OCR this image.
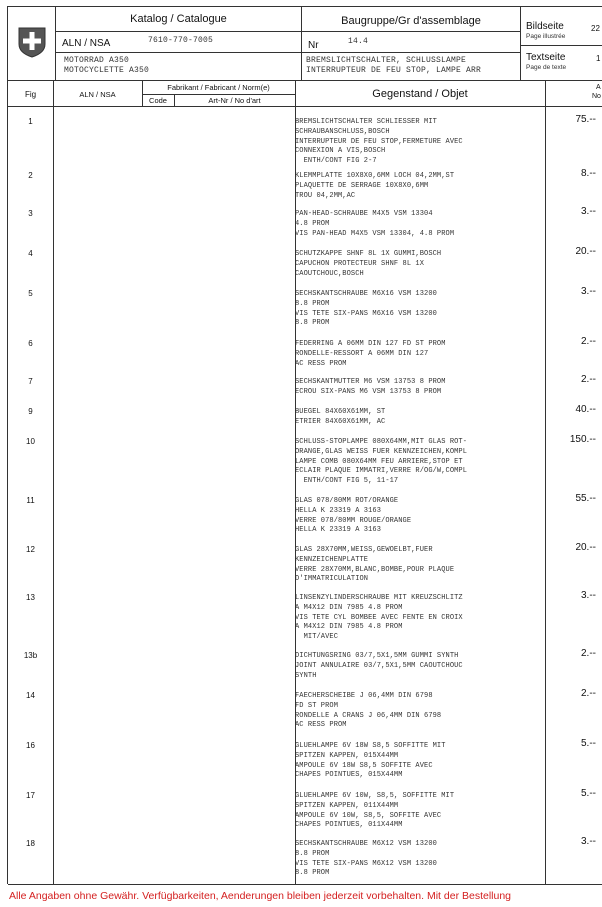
Katalog / Catalogue
ALN / NSA	7610-770-7005
MOTORRAD A350
MOTOCYCLETTE A350
Baugruppe/Gr d'assemblage
Nr	14.4
BREMSLICHTSCHALTER, SCHLUSSLAMPE
INTERRUPTEUR DE FEU STOP, LAMPE ARR
Bildseite
Page illustrée
22
Textseite
Page de texte
1
Fig	ALN / NSA
Fabrikant / Fabricant / Norm(e)
Code	Art-Nr / No d'art
Gegenstand / Objet
A
No
1	BREMSLICHTSCHALTER SCHLIESSER MIT
SCHRAUBANSCHLUSS,BOSCH
INTERRUPTEUR DE FEU STOP,FERMETURE AVEC
CONNEXION A VIS,BOSCH
ENTH/CONT FIG 2-7
75.--
2	KLEMMPLATTE 10X8X0,6MM LOCH 04,2MM,ST
PLAQUETTE DE SERRAGE 10X8X0,6MM
TROU 04,2MM,AC
8.--
3	PAN-HEAD-SCHRAUBE M4X5 VSM 13304
4.8 PROM
VIS PAN-HEAD M4X5 VSM 13304, 4.8 PROM
3.--
4	SCHUTZKAPPE SHNF 8L 1X GUMMI,BOSCH
CAPUCHON PROTECTEUR SHNF 8L 1X
CAOUTCHOUC,BOSCH
20.--
5	SECHSKANTSCHRAUBE M6X16 VSM 13200
8.8 PROM
VIS TETE SIX-PANS M6X16 VSM 13200
8.8 PROM
3.--
6	FEDERRING A 06MM DIN 127 FD ST PROM
RONDELLE-RESSORT A 06MM DIN 127
AC RESS PROM
2.--
7	SECHSKANTMUTTER M6 VSM 13753 8 PROM
ECROU SIX-PANS M6 VSM 13753 8 PROM
2.--
9	BUEGEL 84X60X61MM, ST
ETRIER 84X60X61MM, AC
40.--
10	SCHLUSS-STOPLAMPE 080X64MM,MIT GLAS ROT-
ORANGE,GLAS WEISS FUER KENNZEICHEN,KOMPL
LAMPE COMB 080X64MM FEU ARRIERE,STOP ET
ECLAIR PLAQUE IMMATRI,VERRE R/OG/W,COMPL
ENTH/CONT FIG 5, 11-17
150.--
11	GLAS 078/80MM ROT/ORANGE
HELLA K 23319 A 3163
VERRE 078/80MM ROUGE/ORANGE
HELLA K 23319 A 3163
55.--
12	GLAS 28X70MM,WEISS,GEWOELBT,FUER
KENNZEICHENPLATTE
VERRE 28X70MM,BLANC,BOMBE,POUR PLAQUE
D'IMMATRICULATION
20.--
13	LINSENZYLINDERSCHRAUBE MIT KREUZSCHLITZ
A M4X12 DIN 7985 4.8 PROM
VIS TETE CYL BOMBEE AVEC FENTE EN CROIX
A M4X12 DIN 7985 4.8 PROM
MIT/AVEC
3.--
13b	DICHTUNGSRING 03/7,5X1,5MM GUMMI SYNTH
JOINT ANNULAIRE 03/7,5X1,5MM CAOUTCHOUC
SYNTH
2.--
14	FAECHERSCHEIBE J 06,4MM DIN 6798
FD ST PROM
RONDELLE A CRANS J 06,4MM DIN 6798
AC RESS PROM
2.--
16	GLUEHLAMPE 6V 18W S8,5 SOFFITTE MIT
SPITZEN KAPPEN, 015X44MM
AMPOULE 6V 18W S8,5 SOFFITE AVEC
CHAPES POINTUES, 015X44MM
5.--
17	GLUEHLAMPE 6V 10W, S8,5, SOFFITTE MIT
SPITZEN KAPPEN, 011X44MM
AMPOULE 6V 10W, S8,5, SOFFITE AVEC
CHAPES POINTUES, 011X44MM
5.--
18	SECHSKANTSCHRAUBE M6X12 VSM 13200
8.8 PROM
VIS TETE SIX-PANS M6X12 VSM 13200
8.8 PROM
3.--
Alle Angaben ohne Gewähr. Verfügbarkeiten, Aenderungen bleiben jederzeit vorbehalten. Mit der Bestellung
